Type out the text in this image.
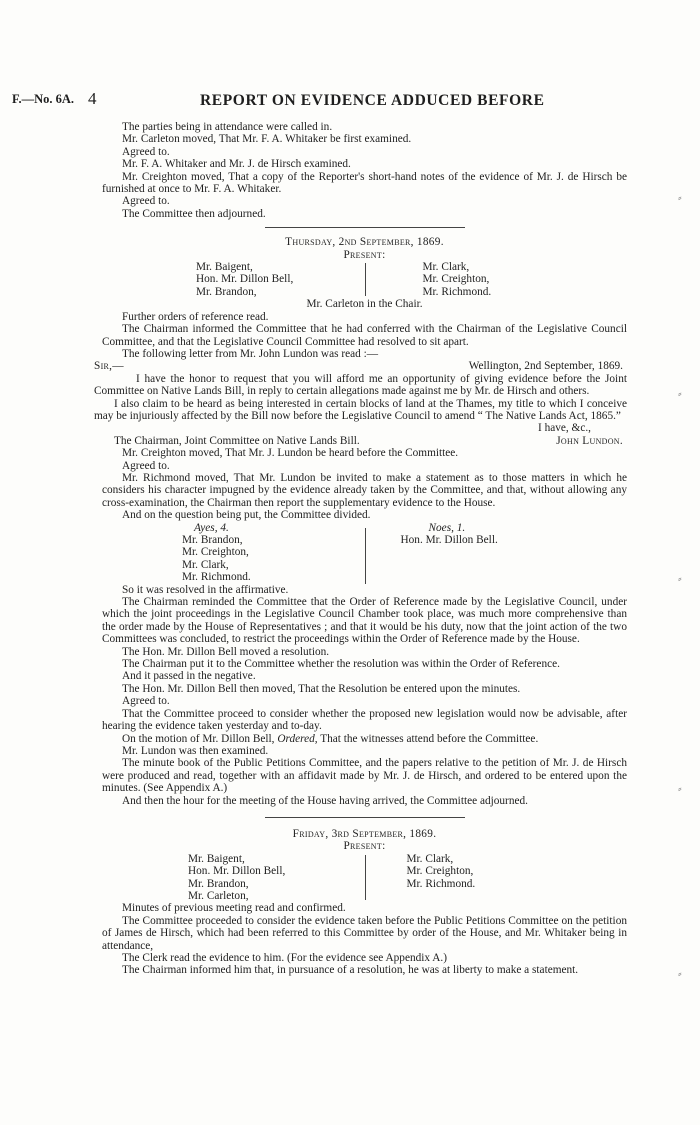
F.—No. 6A. 4	REPORT ON EVIDENCE ADDUCED BEFORE
⸗
⸗
⸗
⸗
⸗

The parties being in attendance were called in.

Mr. Carleton moved, That Mr. F. A. Whitaker be first examined.

Agreed to.

Mr. F. A. Whitaker and Mr. J. de Hirsch examined.

Mr. Creighton moved, That a copy of the Reporter's short-hand notes of the evidence of Mr. J. de Hirsch be furnished at once to Mr. F. A. Whitaker.

Agreed to.

The Committee then adjourned.

Thursday, 2nd September, 1869.

Present:

Mr. Baigent,
Hon. Mr. Dillon Bell,
Mr. Brandon,
Mr. Clark,
Mr. Creighton,
Mr. Richmond.

Mr. Carleton in the Chair.

Further orders of reference read.

The Chairman informed the Committee that he had conferred with the Chairman of the Legislative Council Committee, and that the Legislative Council Committee had resolved to sit apart.

The following letter from Mr. John Lundon was read :—

Sir,—	Wellington, 2nd September, 1869.

I have the honor to request that you will afford me an opportunity of giving evidence before the Joint Committee on Native Lands Bill, in reply to certain allegations made against me by Mr. de Hirsch and others.

I also claim to be heard as being interested in certain blocks of land at the Thames, my title to which I conceive may be injuriously affected by the Bill now before the Legislative Council to amend “ The Native Lands Act, 1865.”

I have, &c.,

The Chairman, Joint Committee on Native Lands Bill.	John Lundon.

Mr. Creighton moved, That Mr. J. Lundon be heard before the Committee.

Agreed to.

Mr. Richmond moved, That Mr. Lundon be invited to make a statement as to those matters in which he considers his character impugned by the evidence already taken by the Committee, and that, without allowing any cross-examination, the Chairman then report the supplementary evidence to the House.

And on the question being put, the Committee divided.

Ayes, 4.
Mr. Brandon,
Mr. Creighton,
Mr. Clark,
Mr. Richmond.
Noes, 1.
Hon. Mr. Dillon Bell.

So it was resolved in the affirmative.

The Chairman reminded the Committee that the Order of Reference made by the Legislative Council, under which the joint proceedings in the Legislative Council Chamber took place, was much more comprehensive than the order made by the House of Representatives ; and that it would be his duty, now that the joint action of the two Committees was concluded, to restrict the proceedings within the Order of Reference made by the House.

The Hon. Mr. Dillon Bell moved a resolution.

The Chairman put it to the Committee whether the resolution was within the Order of Reference.

And it passed in the negative.

The Hon. Mr. Dillon Bell then moved, That the Resolution be entered upon the minutes.

Agreed to.

That the Committee proceed to consider whether the proposed new legislation would now be advisable, after hearing the evidence taken yesterday and to-day.

On the motion of Mr. Dillon Bell, Ordered, That the witnesses attend before the Committee.

Mr. Lundon was then examined.

The minute book of the Public Petitions Committee, and the papers relative to the petition of Mr. J. de Hirsch were produced and read, together with an affidavit made by Mr. J. de Hirsch, and ordered to be entered upon the minutes. (See Appendix A.)

And then the hour for the meeting of the House having arrived, the Committee adjourned.

Friday, 3rd September, 1869.

Present:

Mr. Baigent,
Hon. Mr. Dillon Bell,
Mr. Brandon,
Mr. Carleton,
Mr. Clark,
Mr. Creighton,
Mr. Richmond.

Minutes of previous meeting read and confirmed.

The Committee proceeded to consider the evidence taken before the Public Petitions Committee on the petition of James de Hirsch, which had been referred to this Committee by order of the House, and Mr. Whitaker being in attendance,

The Clerk read the evidence to him. (For the evidence see Appendix A.)

The Chairman informed him that, in pursuance of a resolution, he was at liberty to make a statement.
